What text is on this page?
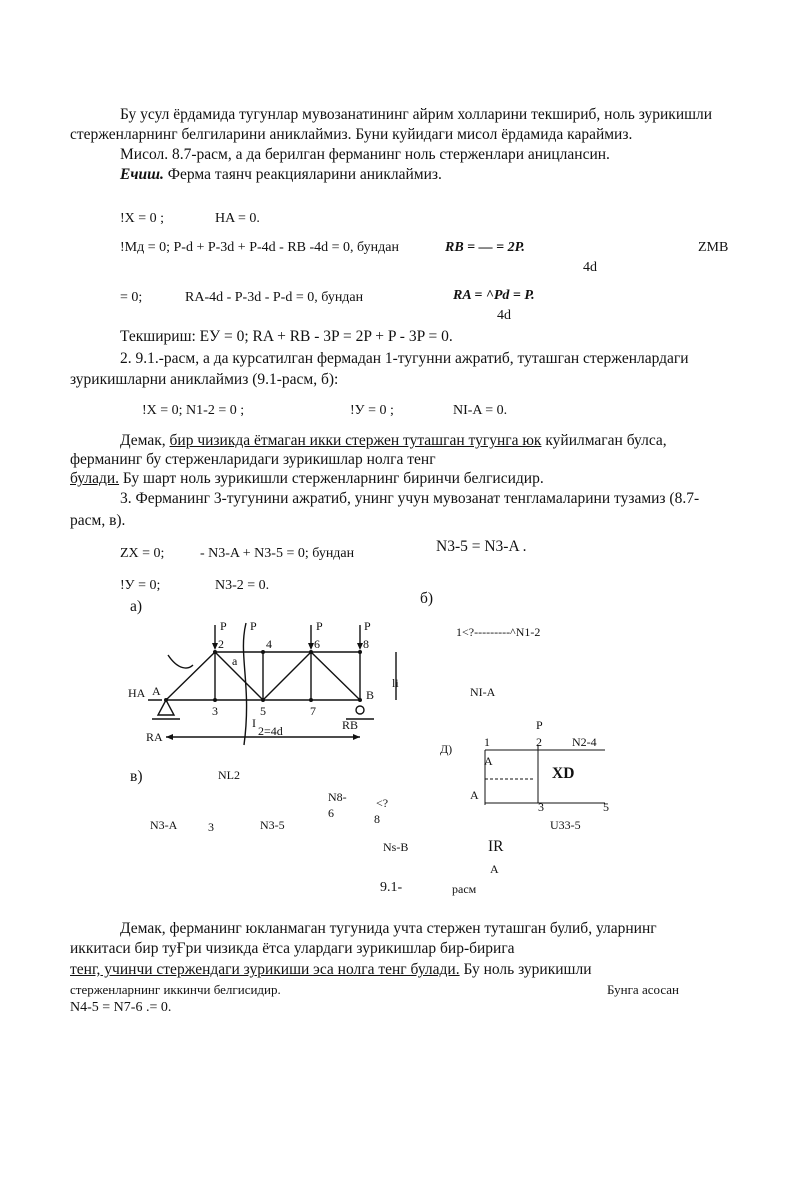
Бу усул ёрдамида тугунлар мувозанатининг айрим холларини текшириб, ноль зурикишли
стерженларнинг белгиларини аниклаймиз. Буни куйидаги мисол ёрдамида караймиз.
Мисол. 8.7-расм, а да берилган ферманинг ноль стерженлари аницлансин.
Ечиш. Ферма таянч реакцияларини аниклаймиз.
!X = 0 ;	HA = 0.
!Мд = 0; P-d + P-3d + P-4d - RB -4d = 0, бундан	RB = — = 2P.	ZMB
4d
= 0;	RA-4d - P-3d - P-d = 0, бундан	RA = ^Pd = P.
4d
Текшириш: ЕУ = 0; RA + RB - 3P = 2P + P - 3P = 0.
2. 9.1.-расм, а да курсатилган фермадан 1-тугунни ажратиб, туташган стерженлардаги
зурикишларни аниклаймиз (9.1-расм, б):
!X = 0; N1-2 = 0 ;	!У = 0 ;	NI-A = 0.
Демак, бир чизикда ётмаган икки стержен туташган тугунга юк куйилмаган булса,
ферманинг бу стерженларидаги зурикишлар нолга тенг
булади. Бу шарт ноль зурикишли стерженларнинг биринчи белгисидир.
3. Ферманинг 3-тугунини ажратиб, унинг учун мувозанат тенгламаларини тузамиз (8.7-
расм, в).
ZX = 0;	- N3-A + N3-5 = 0; бундан	N3-5 = N3-A .
!У = 0;	N3-2 = 0.
а)	б)
1<?---------^N1-2
NI-A
2	4	6	8
3	5	7
A	B
HA
RA
RB
I
2=4d
P	P	P
P
a
li
в)	NL2
N8-
6
<?
8
N3-A	3	N3-5
Ns-B	IR
A
Д)
P
1	2	N2-4
A
XD
A
3	5
U33-5
9.1-	расм
Демак, ферманинг юкланмаган тугунида учта стержен туташган булиб, уларнинг
иккитаси бир туҒри чизикда ётса улардаги зурикишлар бир-бирига
тенг, учинчи стержендаги зурикиши эса нолга тенг булади. Бу ноль зурикишли
стерженларнинг иккинчи белгисидир.	Бунга асосан
N4-5 = N7-6 .= 0.
